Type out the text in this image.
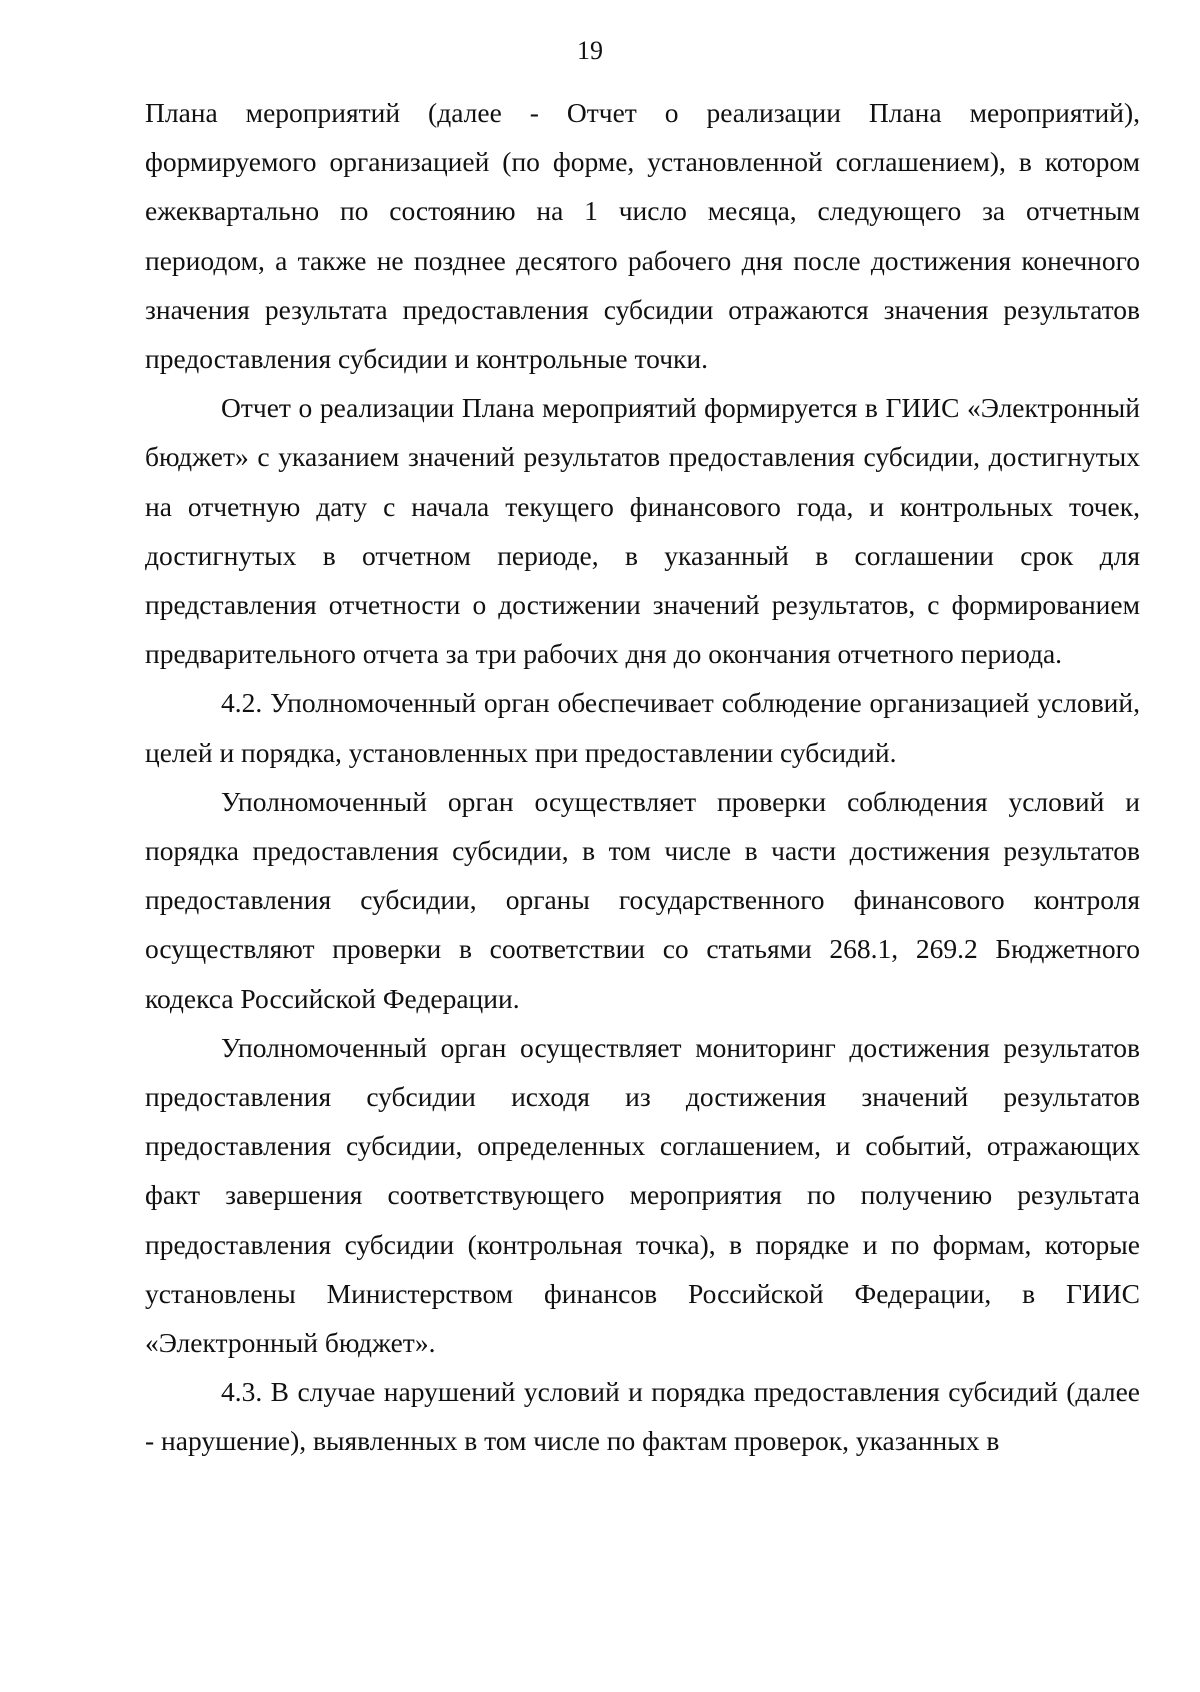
19

Плана мероприятий (далее - Отчет о реализации Плана мероприятий), формируемого организацией (по форме, установленной соглашением), в котором ежеквартально по состоянию на 1 число месяца, следующего за отчетным периодом, а также не позднее десятого рабочего дня после достижения конечного значения результата предоставления субсидии отражаются значения результатов предоставления субсидии и контрольные точки.

Отчет о реализации Плана мероприятий формируется в ГИИС «Электронный бюджет» с указанием значений результатов предоставления субсидии, достигнутых на отчетную дату с начала текущего финансового года, и контрольных точек, достигнутых в отчетном периоде, в указанный в соглашении срок для представления отчетности о достижении значений результатов, с формированием предварительного отчета за три рабочих дня до окончания отчетного периода.

4.2. Уполномоченный орган обеспечивает соблюдение организацией условий, целей и порядка, установленных при предоставлении субсидий.

Уполномоченный орган осуществляет проверки соблюдения условий и порядка предоставления субсидии, в том числе в части достижения результатов предоставления субсидии, органы государственного финансового контроля осуществляют проверки в соответствии со статьями 268.1, 269.2 Бюджетного кодекса Российской Федерации.

Уполномоченный орган осуществляет мониторинг достижения результатов предоставления субсидии исходя из достижения значений результатов предоставления субсидии, определенных соглашением, и событий, отражающих факт завершения соответствующего мероприятия по получению результата предоставления субсидии (контрольная точка), в порядке и по формам, которые установлены Министерством финансов Российской Федерации, в ГИИС «Электронный бюджет».

4.3. В случае нарушений условий и порядка предоставления субсидий (далее - нарушение), выявленных в том числе по фактам проверок, указанных в
